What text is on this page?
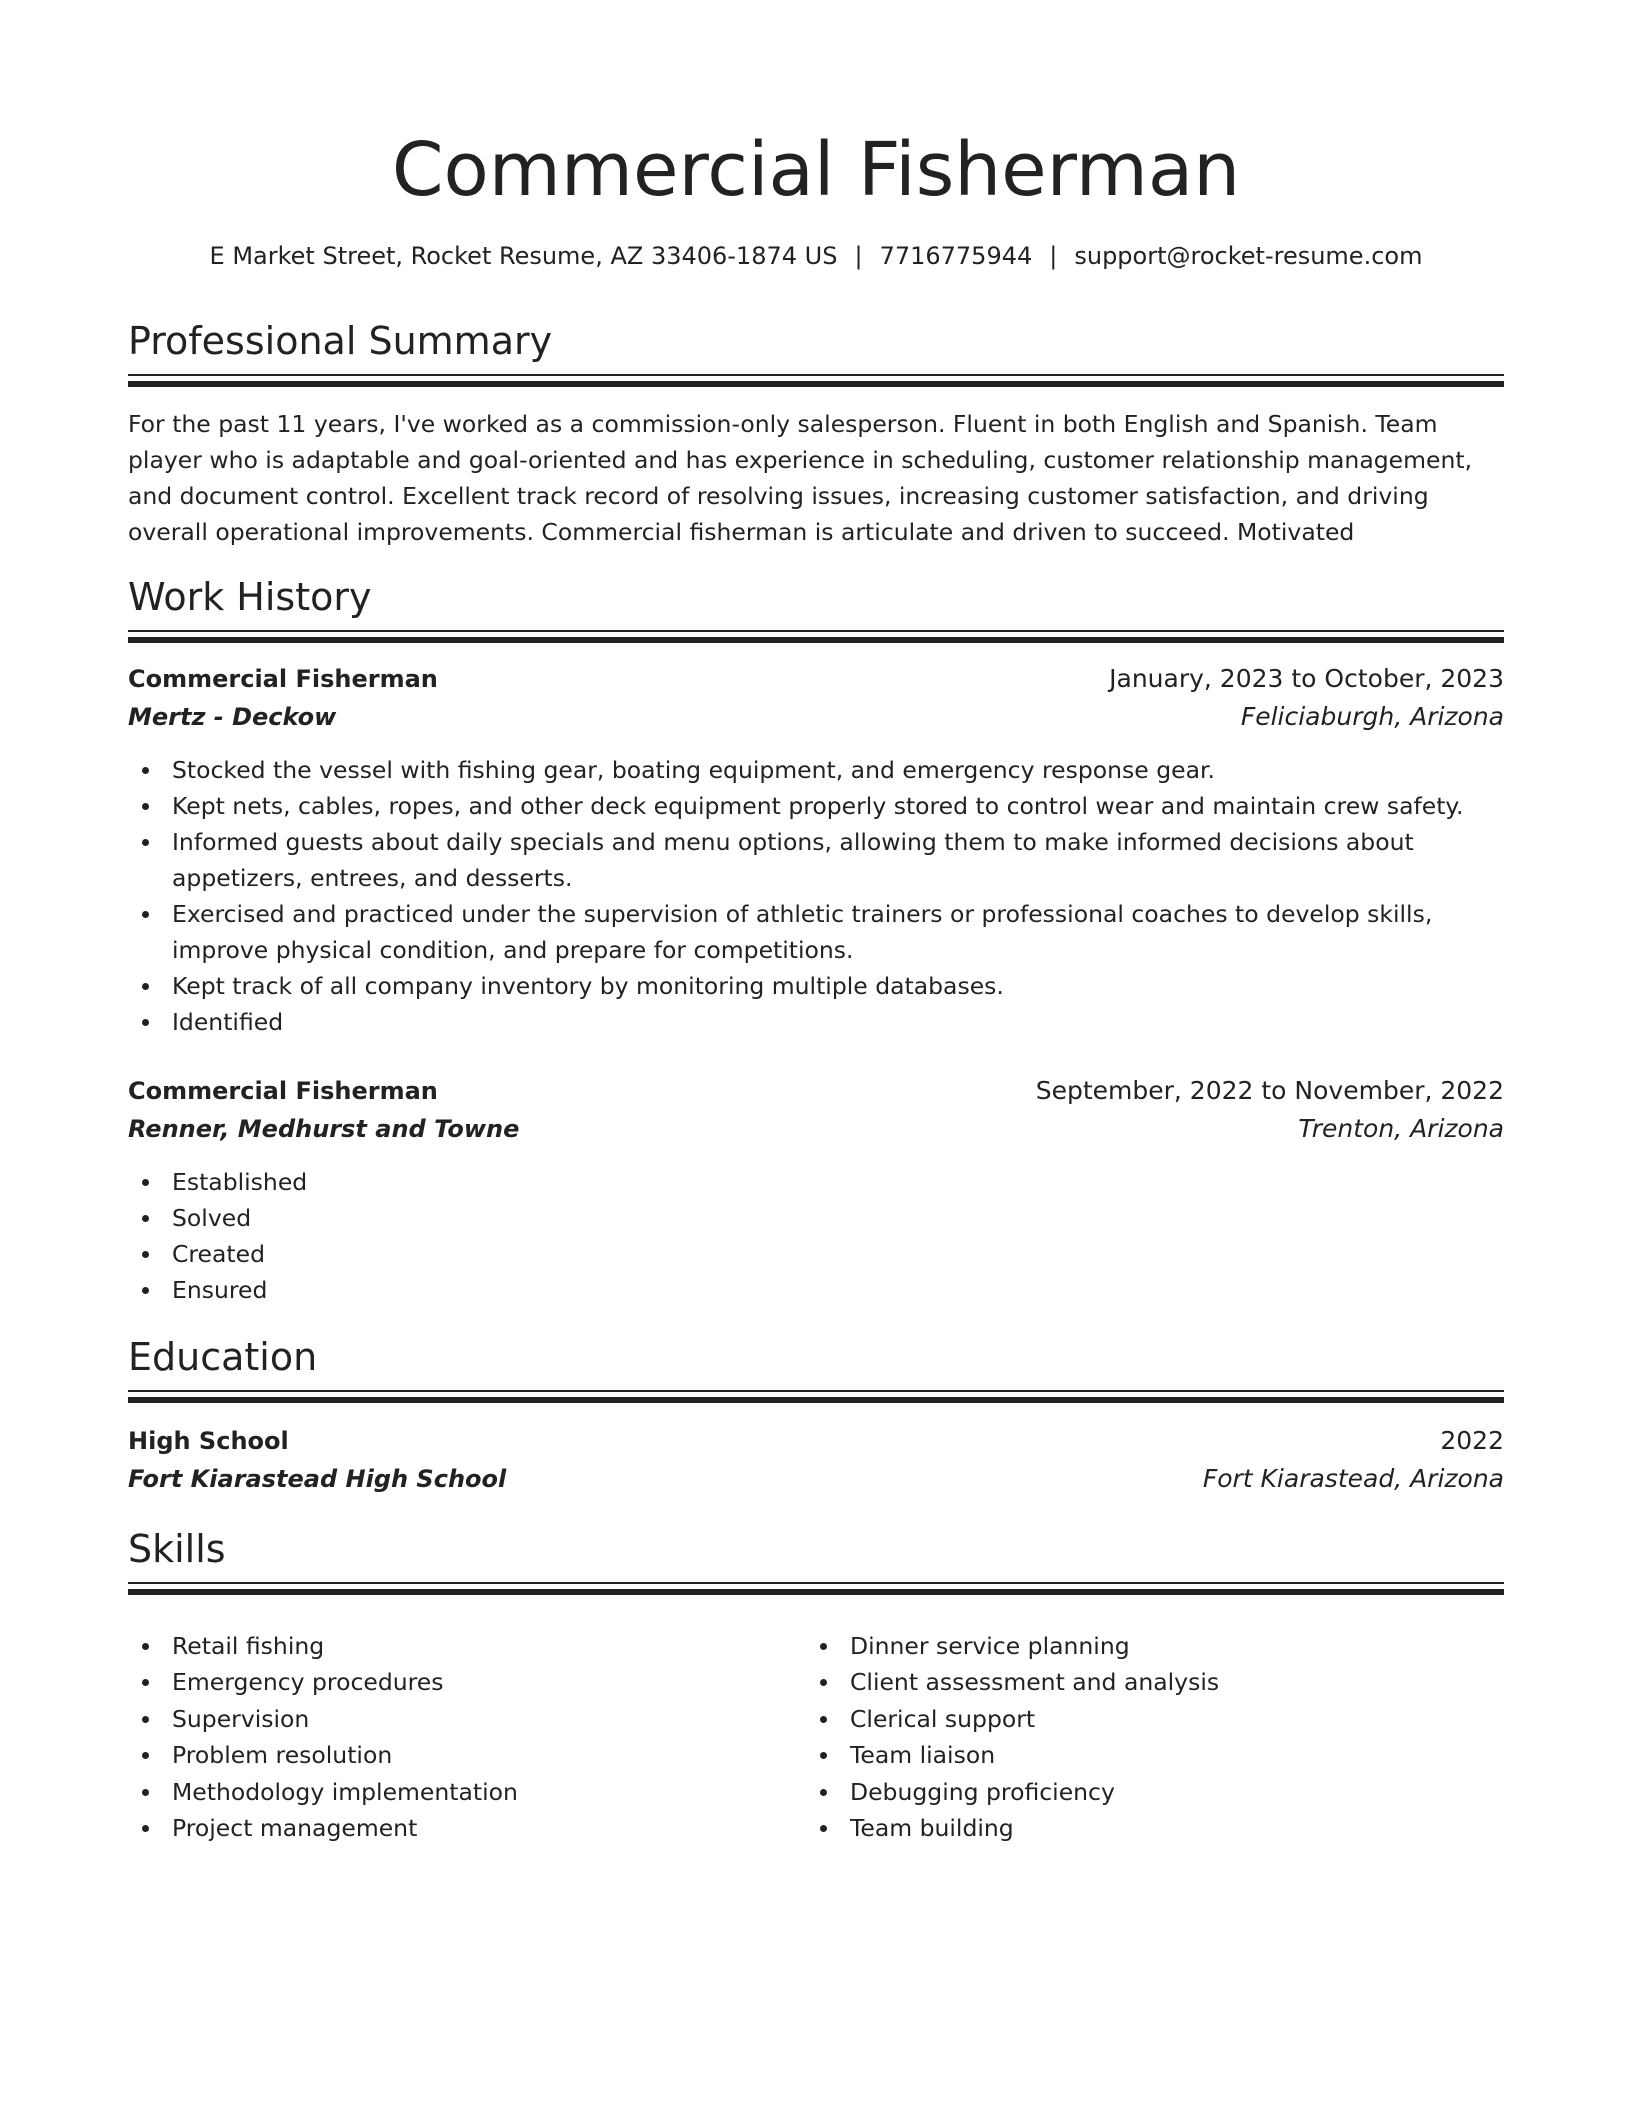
Commercial Fisherman
E Market Street, Rocket Resume, AZ 33406-1874 US | 7716775944 | support@rocket-resume.com
Professional Summary

For the past 11 years, I've worked as a commission-only salesperson. Fluent in both English and Spanish. Team player who is adaptable and goal-oriented and has experience in scheduling, customer relationship management, and document control. Excellent track record of resolving issues, increasing customer satisfaction, and driving overall operational improvements. Commercial fisherman is articulate and driven to succeed. Motivated

Work History
Commercial Fisherman	January, 2023 to October, 2023
Mertz - Deckow	Feliciaburgh, Arizona
Stocked the vessel with fishing gear, boating equipment, and emergency response gear.
Kept nets, cables, ropes, and other deck equipment properly stored to control wear and maintain crew safety.
Informed guests about daily specials and menu options, allowing them to make informed decisions about appetizers, entrees, and desserts.
Exercised and practiced under the supervision of athletic trainers or professional coaches to develop skills, improve physical condition, and prepare for competitions.
Kept track of all company inventory by monitoring multiple databases.
Identified
Commercial Fisherman	September, 2022 to November, 2022
Renner, Medhurst and Towne	Trenton, Arizona
Established
Solved
Created
Ensured
Education
High School	2022
Fort Kiarastead High School	Fort Kiarastead, Arizona
Skills
Retail fishing
Emergency procedures
Supervision
Problem resolution
Methodology implementation
Project management
Dinner service planning
Client assessment and analysis
Clerical support
Team liaison
Debugging proficiency
Team building
